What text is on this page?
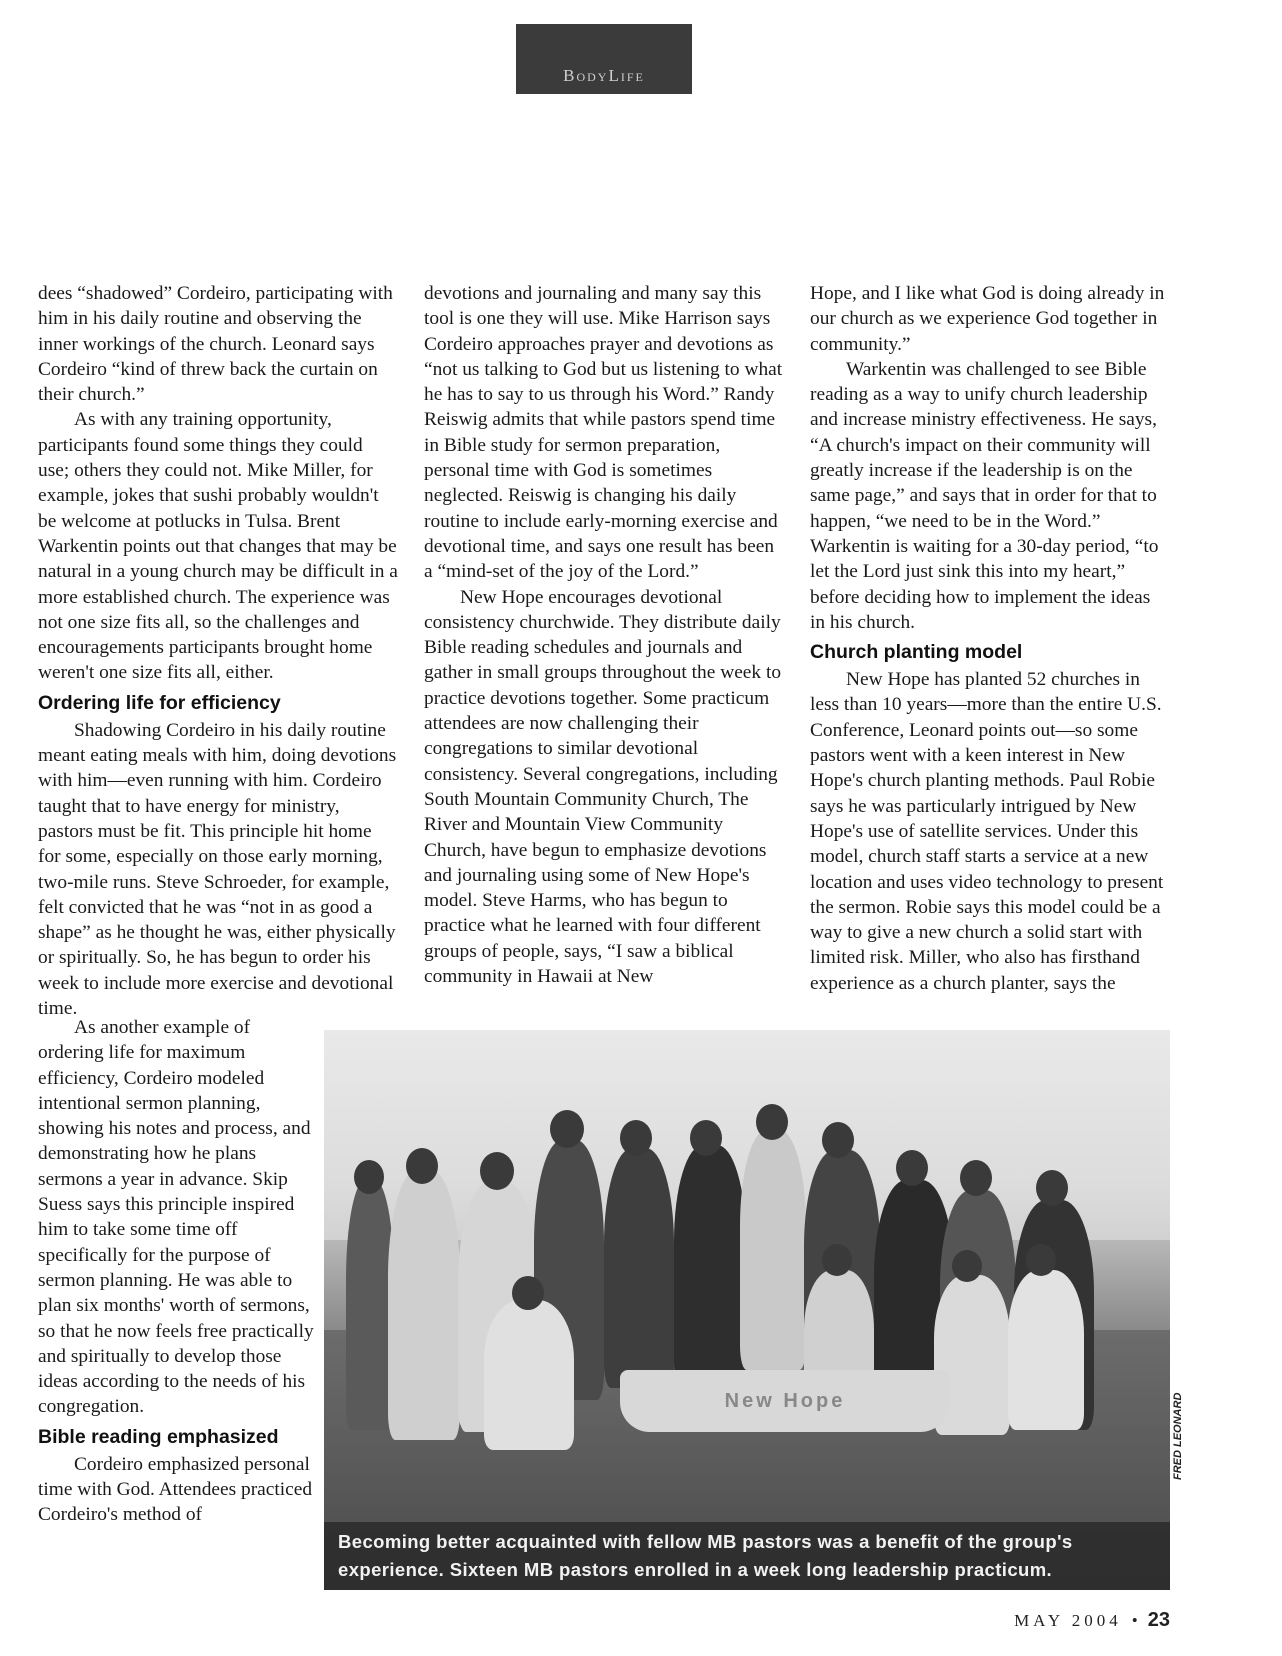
BodyLife

dees “shadowed” Cordeiro, participating with him in his daily routine and observing the inner workings of the church. Leonard says Cordeiro “kind of threw back the curtain on their church.”

As with any training opportunity, participants found some things they could use; others they could not. Mike Miller, for example, jokes that sushi probably wouldn't be welcome at potlucks in Tulsa. Brent Warkentin points out that changes that may be natural in a young church may be difficult in a more established church. The experience was not one size fits all, so the challenges and encouragements participants brought home weren't one size fits all, either.

Ordering life for efficiency

Shadowing Cordeiro in his daily routine meant eating meals with him, doing devotions with him—even running with him. Cordeiro taught that to have energy for ministry, pastors must be fit. This principle hit home for some, especially on those early morning, two-mile runs. Steve Schroeder, for example, felt convicted that he was “not in as good a shape” as he thought he was, either physically or spiritually. So, he has begun to order his week to include more exercise and devotional time.

As another example of ordering life for maximum efficiency, Cordeiro modeled intentional sermon planning, showing his notes and process, and demonstrating how he plans sermons a year in advance. Skip Suess says this principle inspired him to take some time off specifically for the purpose of sermon planning. He was able to plan six months' worth of sermons, so that he now feels free practically and spiritually to develop those ideas according to the needs of his congregation.

Bible reading emphasized

Cordeiro emphasized personal time with God. Attendees practiced Cordeiro's method of

devotions and journaling and many say this tool is one they will use. Mike Harrison says Cordeiro approaches prayer and devotions as “not us talking to God but us listening to what he has to say to us through his Word.” Randy Reiswig admits that while pastors spend time in Bible study for sermon preparation, personal time with God is sometimes neglected. Reiswig is changing his daily routine to include early-morning exercise and devotional time, and says one result has been a “mind-set of the joy of the Lord.”

New Hope encourages devotional consistency churchwide. They distribute daily Bible reading schedules and journals and gather in small groups throughout the week to practice devotions together. Some practicum attendees are now challenging their congregations to similar devotional consistency. Several congregations, including South Mountain Community Church, The River and Mountain View Community Church, have begun to emphasize devotions and journaling using some of New Hope's model. Steve Harms, who has begun to practice what he learned with four different groups of people, says, “I saw a biblical community in Hawaii at New

Hope, and I like what God is doing already in our church as we experience God together in community.”

Warkentin was challenged to see Bible reading as a way to unify church leadership and increase ministry effectiveness. He says, “A church's impact on their community will greatly increase if the leadership is on the same page,” and says that in order for that to happen, “we need to be in the Word.” Warkentin is waiting for a 30-day period, “to let the Lord just sink this into my heart,” before deciding how to implement the ideas in his church.

Church planting model

New Hope has planted 52 churches in less than 10 years—more than the entire U.S. Conference, Leonard points out—so some pastors went with a keen interest in New Hope's church planting methods. Paul Robie says he was particularly intrigued by New Hope's use of satellite services. Under this model, church staff starts a service at a new location and uses video technology to present the sermon. Robie says this model could be a way to give a new church a solid start with limited risk. Miller, who also has firsthand experience as a church planter, says the

New Hope
Becoming better acquainted with fellow MB pastors was a benefit of the group's experience. Sixteen MB pastors enrolled in a week long leadership practicum.
FRED LEONARD
MAY 2004 • 23
